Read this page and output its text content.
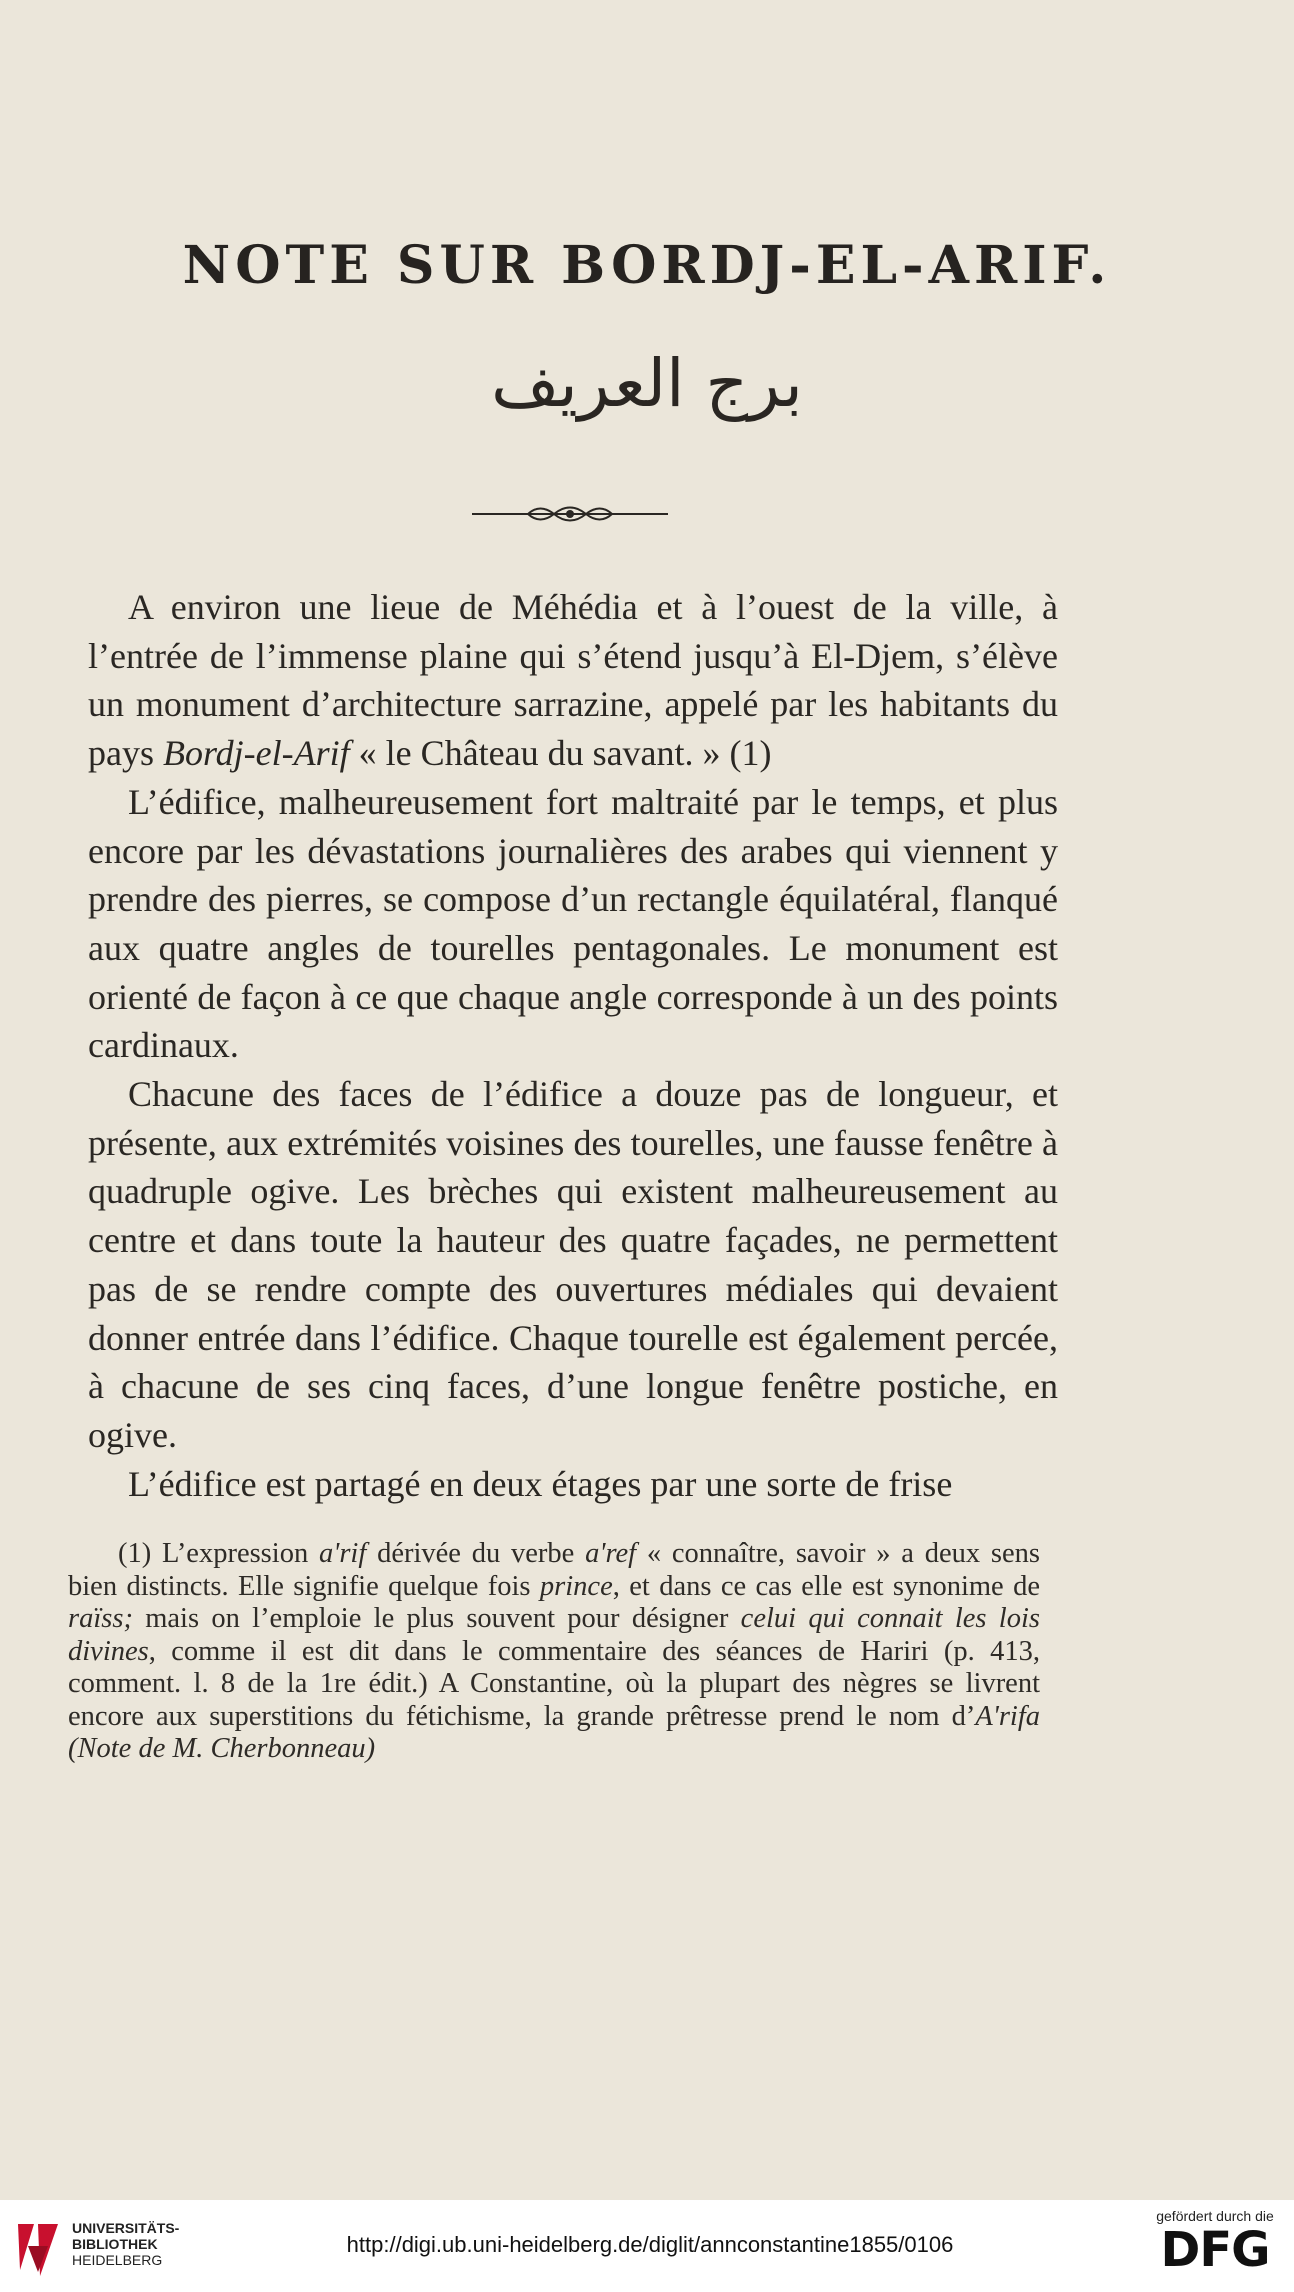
NOTE SUR BORDJ-EL-ARIF.
برج العريف

A environ une lieue de Méhédia et à l’ouest de la ville, à l’entrée de l’immense plaine qui s’étend jusqu’à El-Djem, s’élève un monument d’architecture sarrazine, appelé par les habitants du pays Bordj-el-Arif « le Château du savant. » (1)

L’édifice, malheureusement fort maltraité par le temps, et plus encore par les dévastations journalières des arabes qui viennent y prendre des pierres, se compose d’un rectangle équilatéral, flanqué aux quatre angles de tourelles pentagonales. Le monument est orienté de façon à ce que chaque angle corresponde à un des points cardinaux.

Chacune des faces de l’édifice a douze pas de longueur, et présente, aux extrémités voisines des tourelles, une fausse fenêtre à quadruple ogive. Les brèches qui existent malheureusement au centre et dans toute la hauteur des quatre façades, ne permettent pas de se rendre compte des ouvertures médiales qui devaient donner entrée dans l’édifice. Chaque tourelle est également percée, à chacune de ses cinq faces, d’une longue fenêtre postiche, en ogive.

L’édifice est partagé en deux étages par une sorte de frise

(1) L’expression a'rif dérivée du verbe a'ref « connaître, savoir » a deux sens bien distincts. Elle signifie quelque fois prince, et dans ce cas elle est synonime de raïss; mais on l’emploie le plus souvent pour désigner celui qui connait les lois divines, comme il est dit dans le commentaire des séances de Hariri (p. 413, comment. l. 8 de la 1re édit.) A Constantine, où la plupart des nègres se livrent encore aux superstitions du fétichisme, la grande prêtresse prend le nom d’A'rifa (Note de M. Cherbonneau)

UNIVERSITÄTS-
BIBLIOTHEK
HEIDELBERG
http://digi.ub.uni-heidelberg.de/diglit/annconstantine1855/0106
gefördert durch die
DFG
